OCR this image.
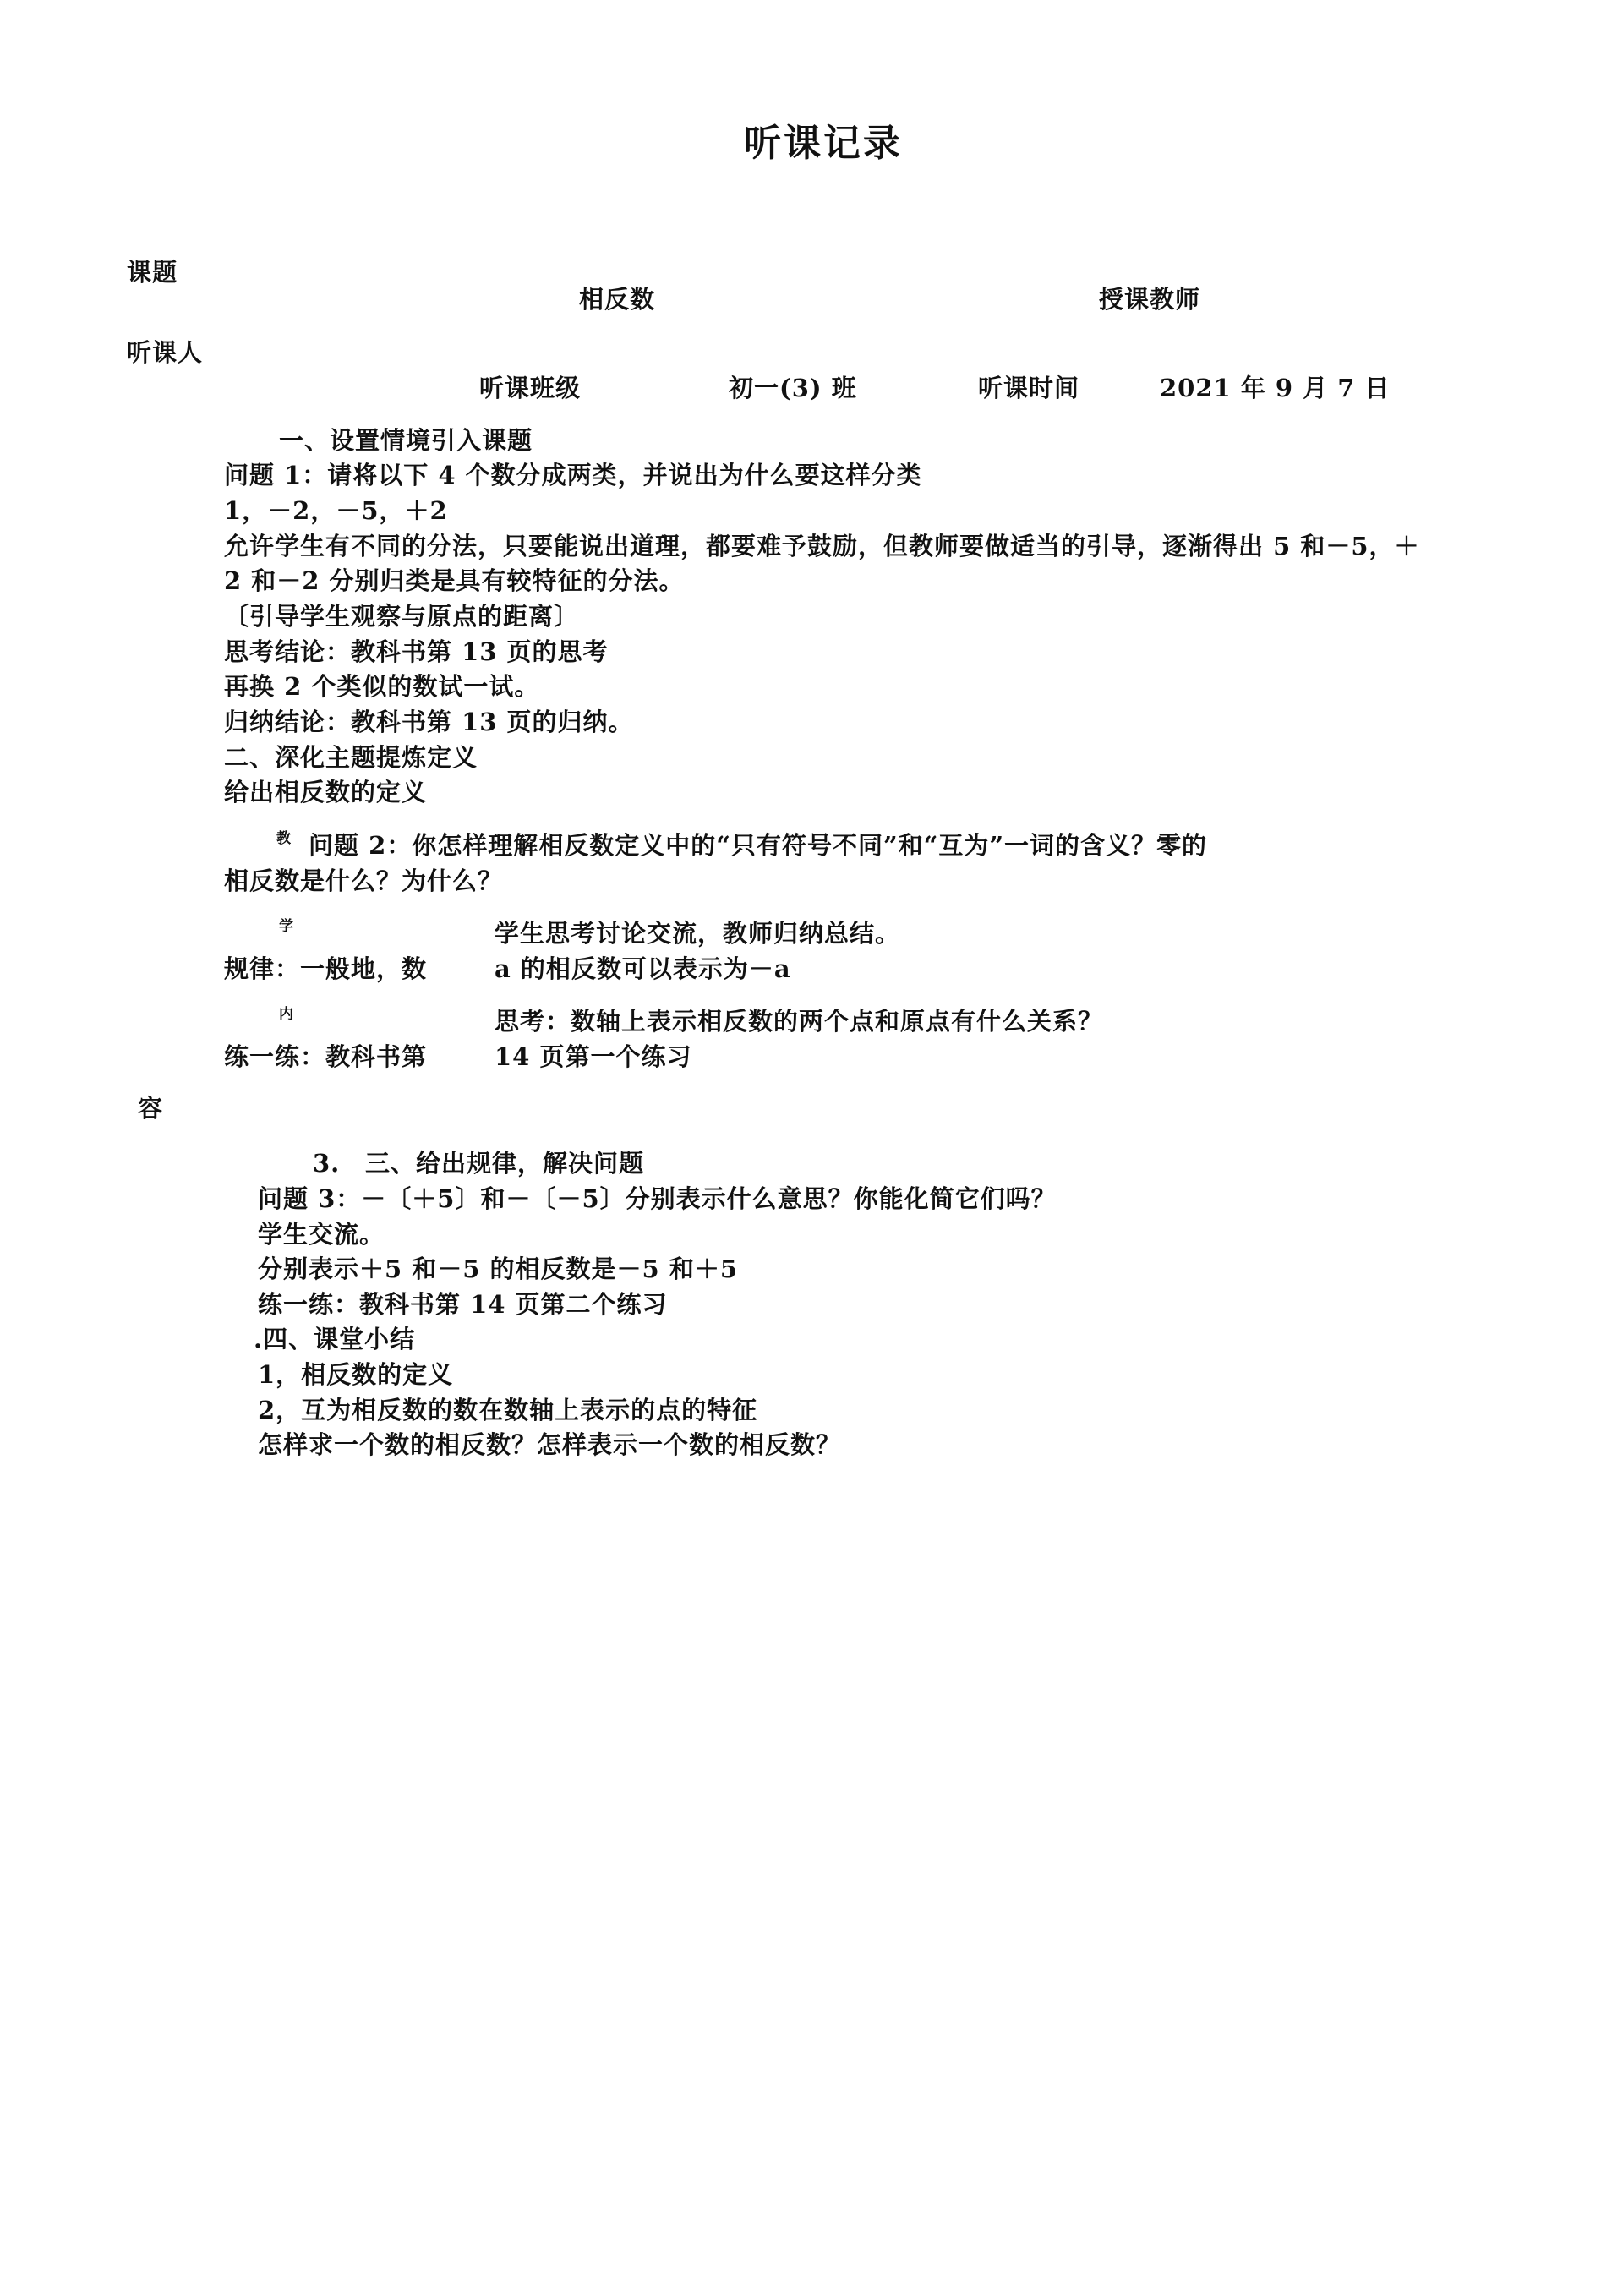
听课记录
课题
相反数	授课教师
听课人
听课班级	初一(3) 班	听课时间	2021 年 9 月 7 日
一、设置情境引入课题
问题 1：请将以下 4 个数分成两类，并说出为什么要这样分类
1，－2，－5，＋2
允许学生有不同的分法，只要能说出道理，都要难予鼓励，但教师要做适当的引导，逐渐得出 5 和－5，＋
2 和－2 分别归类是具有较特征的分法。
〔引导学生观察与原点的距离〕
思考结论：教科书第 13 页的思考
再换 2 个类似的数试一试。
归纳结论：教科书第 13 页的归纳。
二、深化主题提炼定义
给出相反数的定义
教 问题 2：你怎样理解相反数定义中的“只有符号不同”和“互为”一词的含义？零的
相反数是什么？为什么？
学	学生思考讨论交流，教师归纳总结。
规律：一般地，数	a 的相反数可以表示为－a
内	思考：数轴上表示相反数的两个点和原点有什么关系？
练一练：教科书第	14 页第一个练习
容
3. 三、给出规律，解决问题
问题 3：－〔＋5〕和－〔－5〕分别表示什么意思？你能化简它们吗？
学生交流。
分别表示＋5 和－5 的相反数是－5 和＋5
练一练：教科书第 14 页第二个练习
.四、课堂小结
1，相反数的定义
2，互为相反数的数在数轴上表示的点的特征
怎样求一个数的相反数？怎样表示一个数的相反数？
